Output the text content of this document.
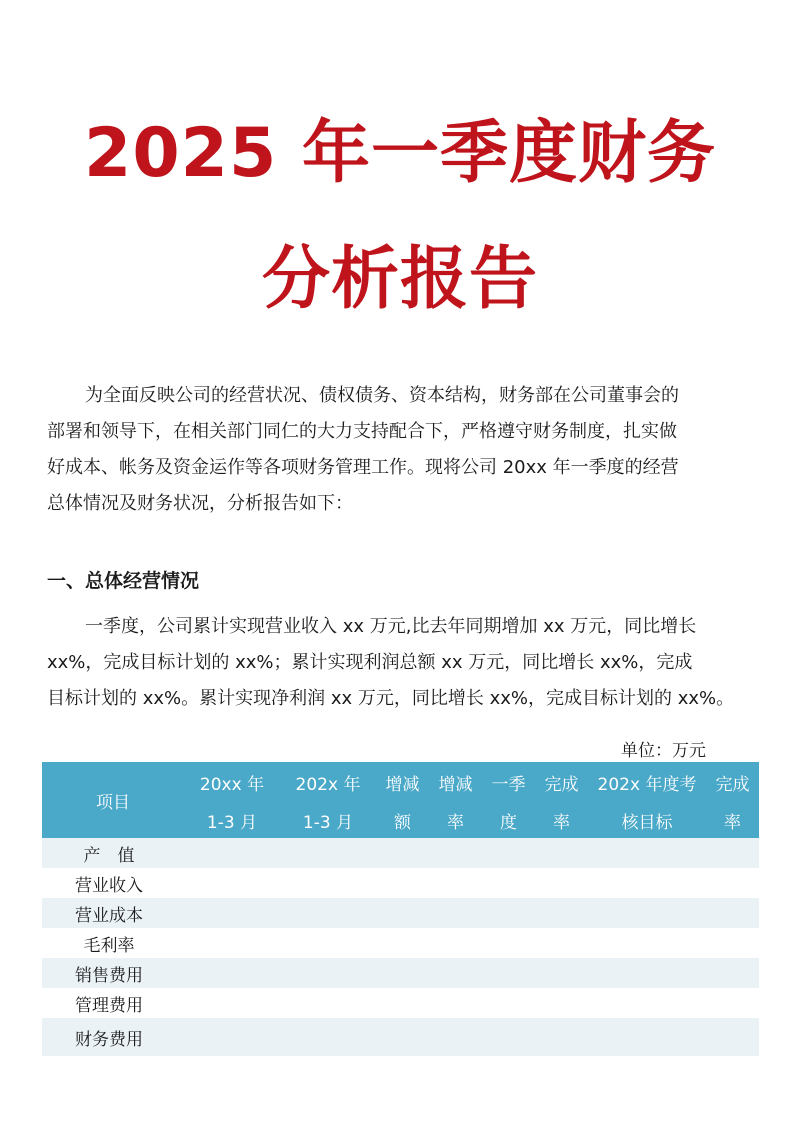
2025 年一季度财务
分析报告

为全面反映公司的经营状况、债权债务、资本结构，财务部在公司董事会的
部署和领导下，在相关部门同仁的大力支持配合下，严格遵守财务制度，扎实做
好成本、帐务及资金运作等各项财务管理工作。现将公司 20xx 年一季度的经营
总体情况及财务状况，分析报告如下：

一、总体经营情况

一季度，公司累计实现营业收入 xx 万元,比去年同期增加 xx 万元，同比增长
xx%，完成目标计划的 xx%；累计实现利润总额 xx 万元，同比增长 xx%，完成
目标计划的 xx%。累计实现净利润 xx 万元，同比增长 xx%，完成目标计划的 xx%。

单位：万元
项目	20xx 年	202x 年	增减	增减	一季	完成	202x 年度考	完成
	1-3 月	1-3 月	额	率	度	率	核目标	率
产　值								
营业收入								
营业成本								
毛利率								
销售费用								
管理费用								
财务费用								
